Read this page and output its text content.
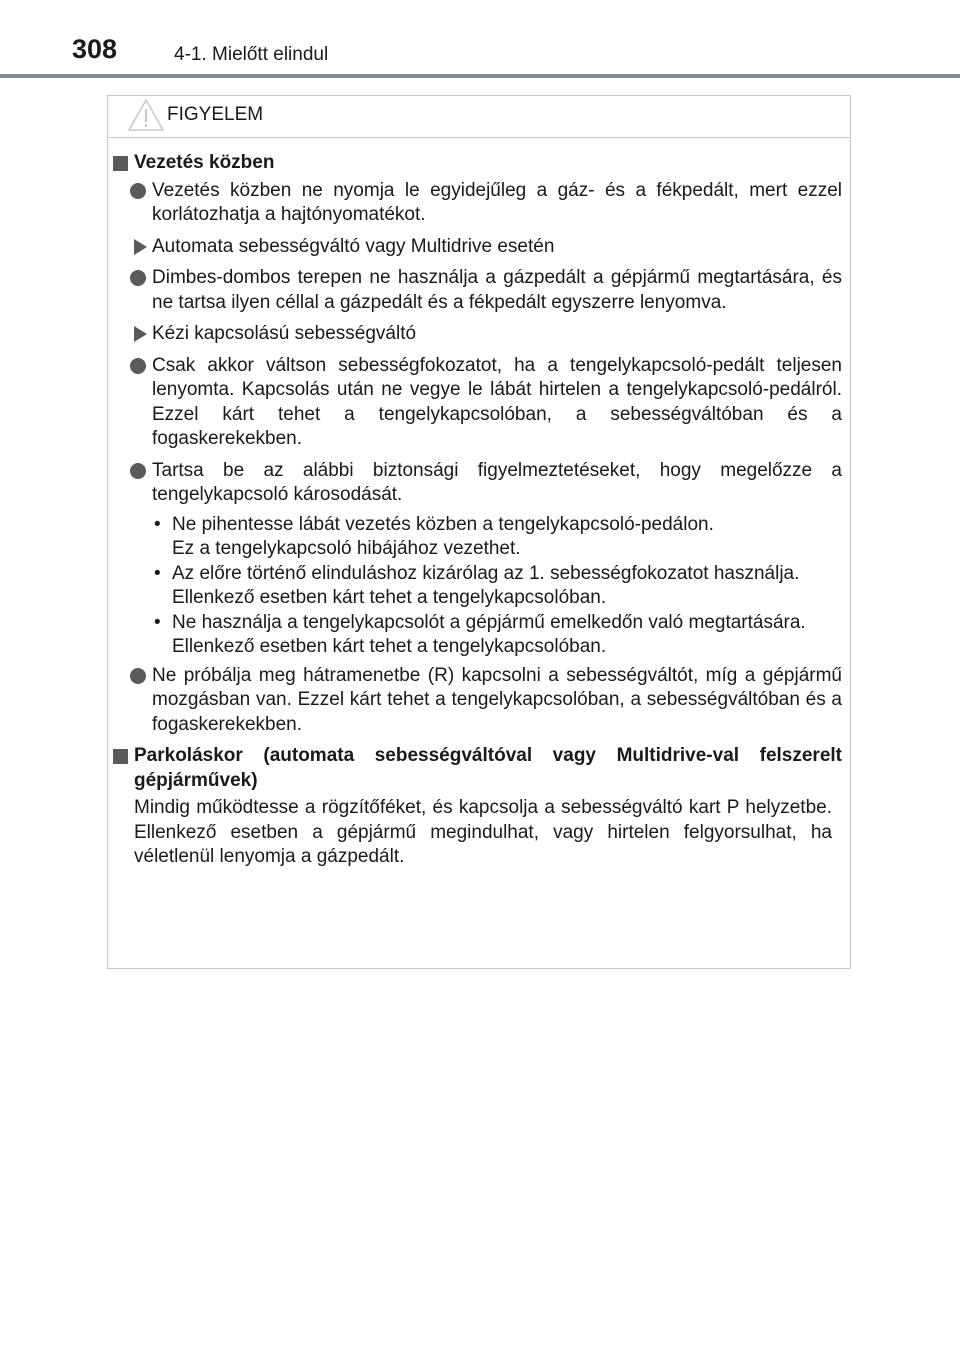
308	4-1. Mielőtt elindul
FIGYELEM
Vezetés közben
Vezetés közben ne nyomja le egyidejűleg a gáz- és a fékpedált, mert ezzel korlátozhatja a hajtónyomatékot.
Automata sebességváltó vagy Multidrive esetén
Dimbes-dombos terepen ne használja a gázpedált a gépjármű megtartására, és ne tartsa ilyen céllal a gázpedált és a fékpedált egyszerre lenyomva.
Kézi kapcsolású sebességváltó
Csak akkor váltson sebességfokozatot, ha a tengelykapcsoló-pedált teljesen lenyomta. Kapcsolás után ne vegye le lábát hirtelen a tengelykapcsoló-pedálról. Ezzel kárt tehet a tengelykapcsolóban, a sebességváltóban és a fogaskerekekben.
Tartsa be az alábbi biztonsági figyelmeztetéseket, hogy megelőzze a tengelykapcsoló károsodását.
• Ne pihentesse lábát vezetés közben a tengelykapcsoló-pedálon.
Ez a tengelykapcsoló hibájához vezethet.
• Az előre történő elinduláshoz kizárólag az 1. sebességfokozatot használja.
Ellenkező esetben kárt tehet a tengelykapcsolóban.
• Ne használja a tengelykapcsolót a gépjármű emelkedőn való megtartására.
Ellenkező esetben kárt tehet a tengelykapcsolóban.
Ne próbálja meg hátramenetbe (R) kapcsolni a sebességváltót, míg a gépjármű mozgásban van. Ezzel kárt tehet a tengelykapcsolóban, a sebességváltóban és a fogaskerekekben.
Parkoláskor (automata sebességváltóval vagy Multidrive-val felszerelt gépjárművek)
Mindig működtesse a rögzítőféket, és kapcsolja a sebességváltó kart P helyzetbe. Ellenkező esetben a gépjármű megindulhat, vagy hirtelen felgyorsulhat, ha véletlenül lenyomja a gázpedált.
